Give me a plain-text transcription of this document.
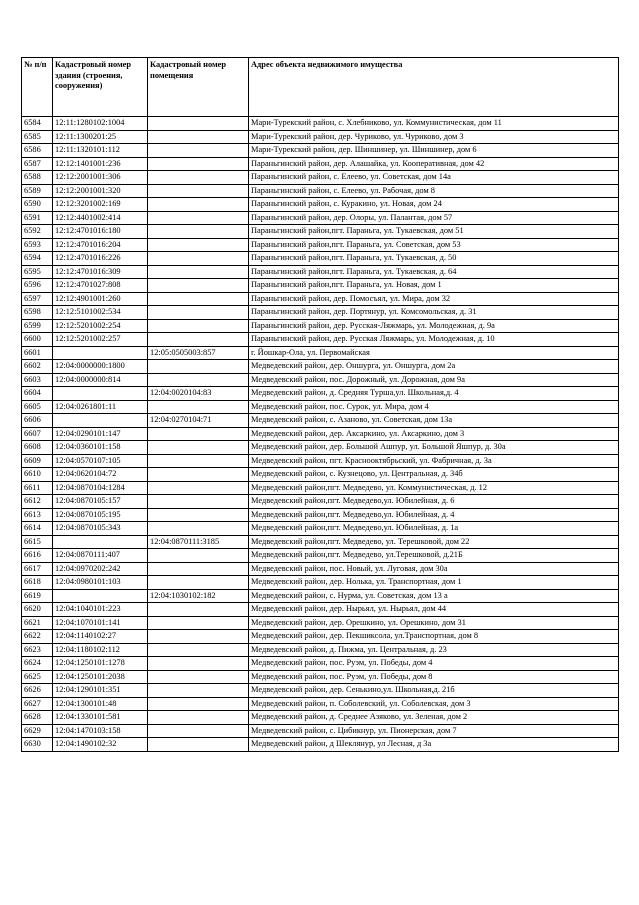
№ п/п	Кадастровый номер здания (строения, сооружения)	Кадастровый номер помещения	Адрес объекта недвижимого имущества
6584	12:11:1280102:1004		Мари-Турекский район, с. Хлебниково, ул. Коммунистическая, дом 11
6585	12:11:1300201:25		Мари-Турекский район, дер. Чуриково, ул. Чуриково, дом 3
6586	12:11:1320101:112		Мари-Турекский район, дер. Шиншинер, ул. Шиншинер, дом 6
6587	12:12:1401001:236		Параньгинский район, дер. Алашайка, ул. Кооперативная, дом 42
6588	12:12:2001001:306		Параньгинский район, с. Елеево, ул. Советская, дом 14а
6589	12:12:2001001:320		Параньгинский район, с. Елеево, ул. Рабочая, дом 8
6590	12:12:3201002:169		Параньгинский район, с. Куракино, ул. Новая, дом 24
6591	12:12:4401002:414		Параньгинский район, дер. Олоры, ул. Палантая, дом 57
6592	12:12:4701016:180		Параньгинский район,пгт. Параньга, ул. Тукаевская, дом 51
6593	12:12:4701016:204		Параньгинский район,пгт. Параньга, ул. Советская, дом 53
6594	12:12:4701016:226		Параньгинский район,пгт. Параньга, ул. Тукаевская, д. 50
6595	12:12:4701016:309		Параньгинский район,пгт. Параньга, ул. Тукаевская, д. 64
6596	12:12:4701027:808		Параньгинский район,пгт. Параньга, ул. Новая, дом 1
6597	12:12:4901001:260		Параньгинский район, дер. Помосъял, ул. Мира, дом 32
6598	12:12:5101002:534		Параньгинский район, дер. Портянур, ул. Комсомольская, д. 31
6599	12:12:5201002:254		Параньгинский район, дер. Русская-Ляжмарь, ул. Молодежная, д. 9а
6600	12:12:5201002:257		Параньгинский район, дер. Русская Ляжмарь, ул. Молодежная, д. 10
6601		12:05:0505003:857	г. Йошкар-Ола, ул. Первомайская
6602	12:04:0000000:1800		Медведевский район, дер. Оншурга, ул. Оншурга, дом 2а
6603	12:04:0000000:814		Медведевский район, пос. Дорожный, ул. Дорожная, дом 9а
6604		12:04:0020104:83	Медведевский район, д. Средняя Турша,ул. Школьная,д. 4
6605	12:04:0261801:11		Медведевский район, пос. Сурок, ул. Мира, дом 4
6606		12:04:0270104:71	Медведевский район, с. Азаново, ул. Советская, дом 13а
6607	12:04:0290101:147		Медведевский район, дер. Аксаркино, ул. Аксаркино, дом 3
6608	12:04:0360101:158		Медведевский район, дер. Большой Ашпур, ул. Большой Яшпур, д. 30а
6609	12:04:0570107:105		Медведевский район, пгт. Краснооктябрьский, ул. Фабричная, д. 3а
6610	12:04:0620104:72		Медведевский район, с. Кузнецово, ул. Центральная, д. 34б
6611	12:04:0870104:1284		Медведевский район,пгт. Медведево, ул. Коммунистическая, д. 12
6612	12:04:0870105:157		Медведевский район,пгт. Медведево,ул. Юбилейная, д. 6
6613	12:04:0870105:195		Медведевский район,пгт. Медведево,ул. Юбилейная, д. 4
6614	12:04:0870105:343		Медведевский район,пгт. Медведево,ул. Юбилейная, д. 1а
6615		12:04:0870111:3185	Медведевский район,пгт. Медведево, ул. Терешковой, дом 22
6616	12:04:0870111:407		Медведевский район,пгт. Медведево, ул.Терешковой, д.21Б
6617	12:04:0970202:242		Медведевский район, пос. Новый, ул. Луговая, дом 30а
6618	12:04:0980101:103		Медведевский район, дер. Нолька, ул. Транспортная, дом 1
6619		12:04:1030102:182	Медведевский район, с. Нурма, ул. Советская, дом 13 а
6620	12:04:1040101:223		Медведевский район, дер. Нырьял, ул. Нырьял, дом 44
6621	12:04:1070101:141		Медведевский район, дер. Орешкино, ул. Орешкино, дом 31
6622	12:04:1140102:27		Медведевский район, дер. Пекшиксола, ул.Транспортная, дом 8
6623	12:04:1180102:112		Медведевский район, д. Пижма, ул. Центральная, д. 23
6624	12:04:1250101:1278		Медведевский район, пос. Руэм, ул. Победы, дом 4
6625	12:04:1250101:2038		Медведевский район, пос. Руэм, ул. Победы, дом 8
6626	12:04:1290101:351		Медведевский район, дер. Сенькино,ул. Школьная,д. 21б
6627	12:04:1300101:48		Медведевский район, п. Соболевский, ул. Соболевская, дом 3
6628	12:04:1330101:581		Медведевский район, д. Среднее Азяково, ул. Зеленая, дом 2
6629	12:04:1470103:158		Медведевский район, с. Цибикнур, ул. Пионерская, дом 7
6630	12:04:1490102:32		Медведевский район, д Шеклянур, ул Лесная, д 3а
